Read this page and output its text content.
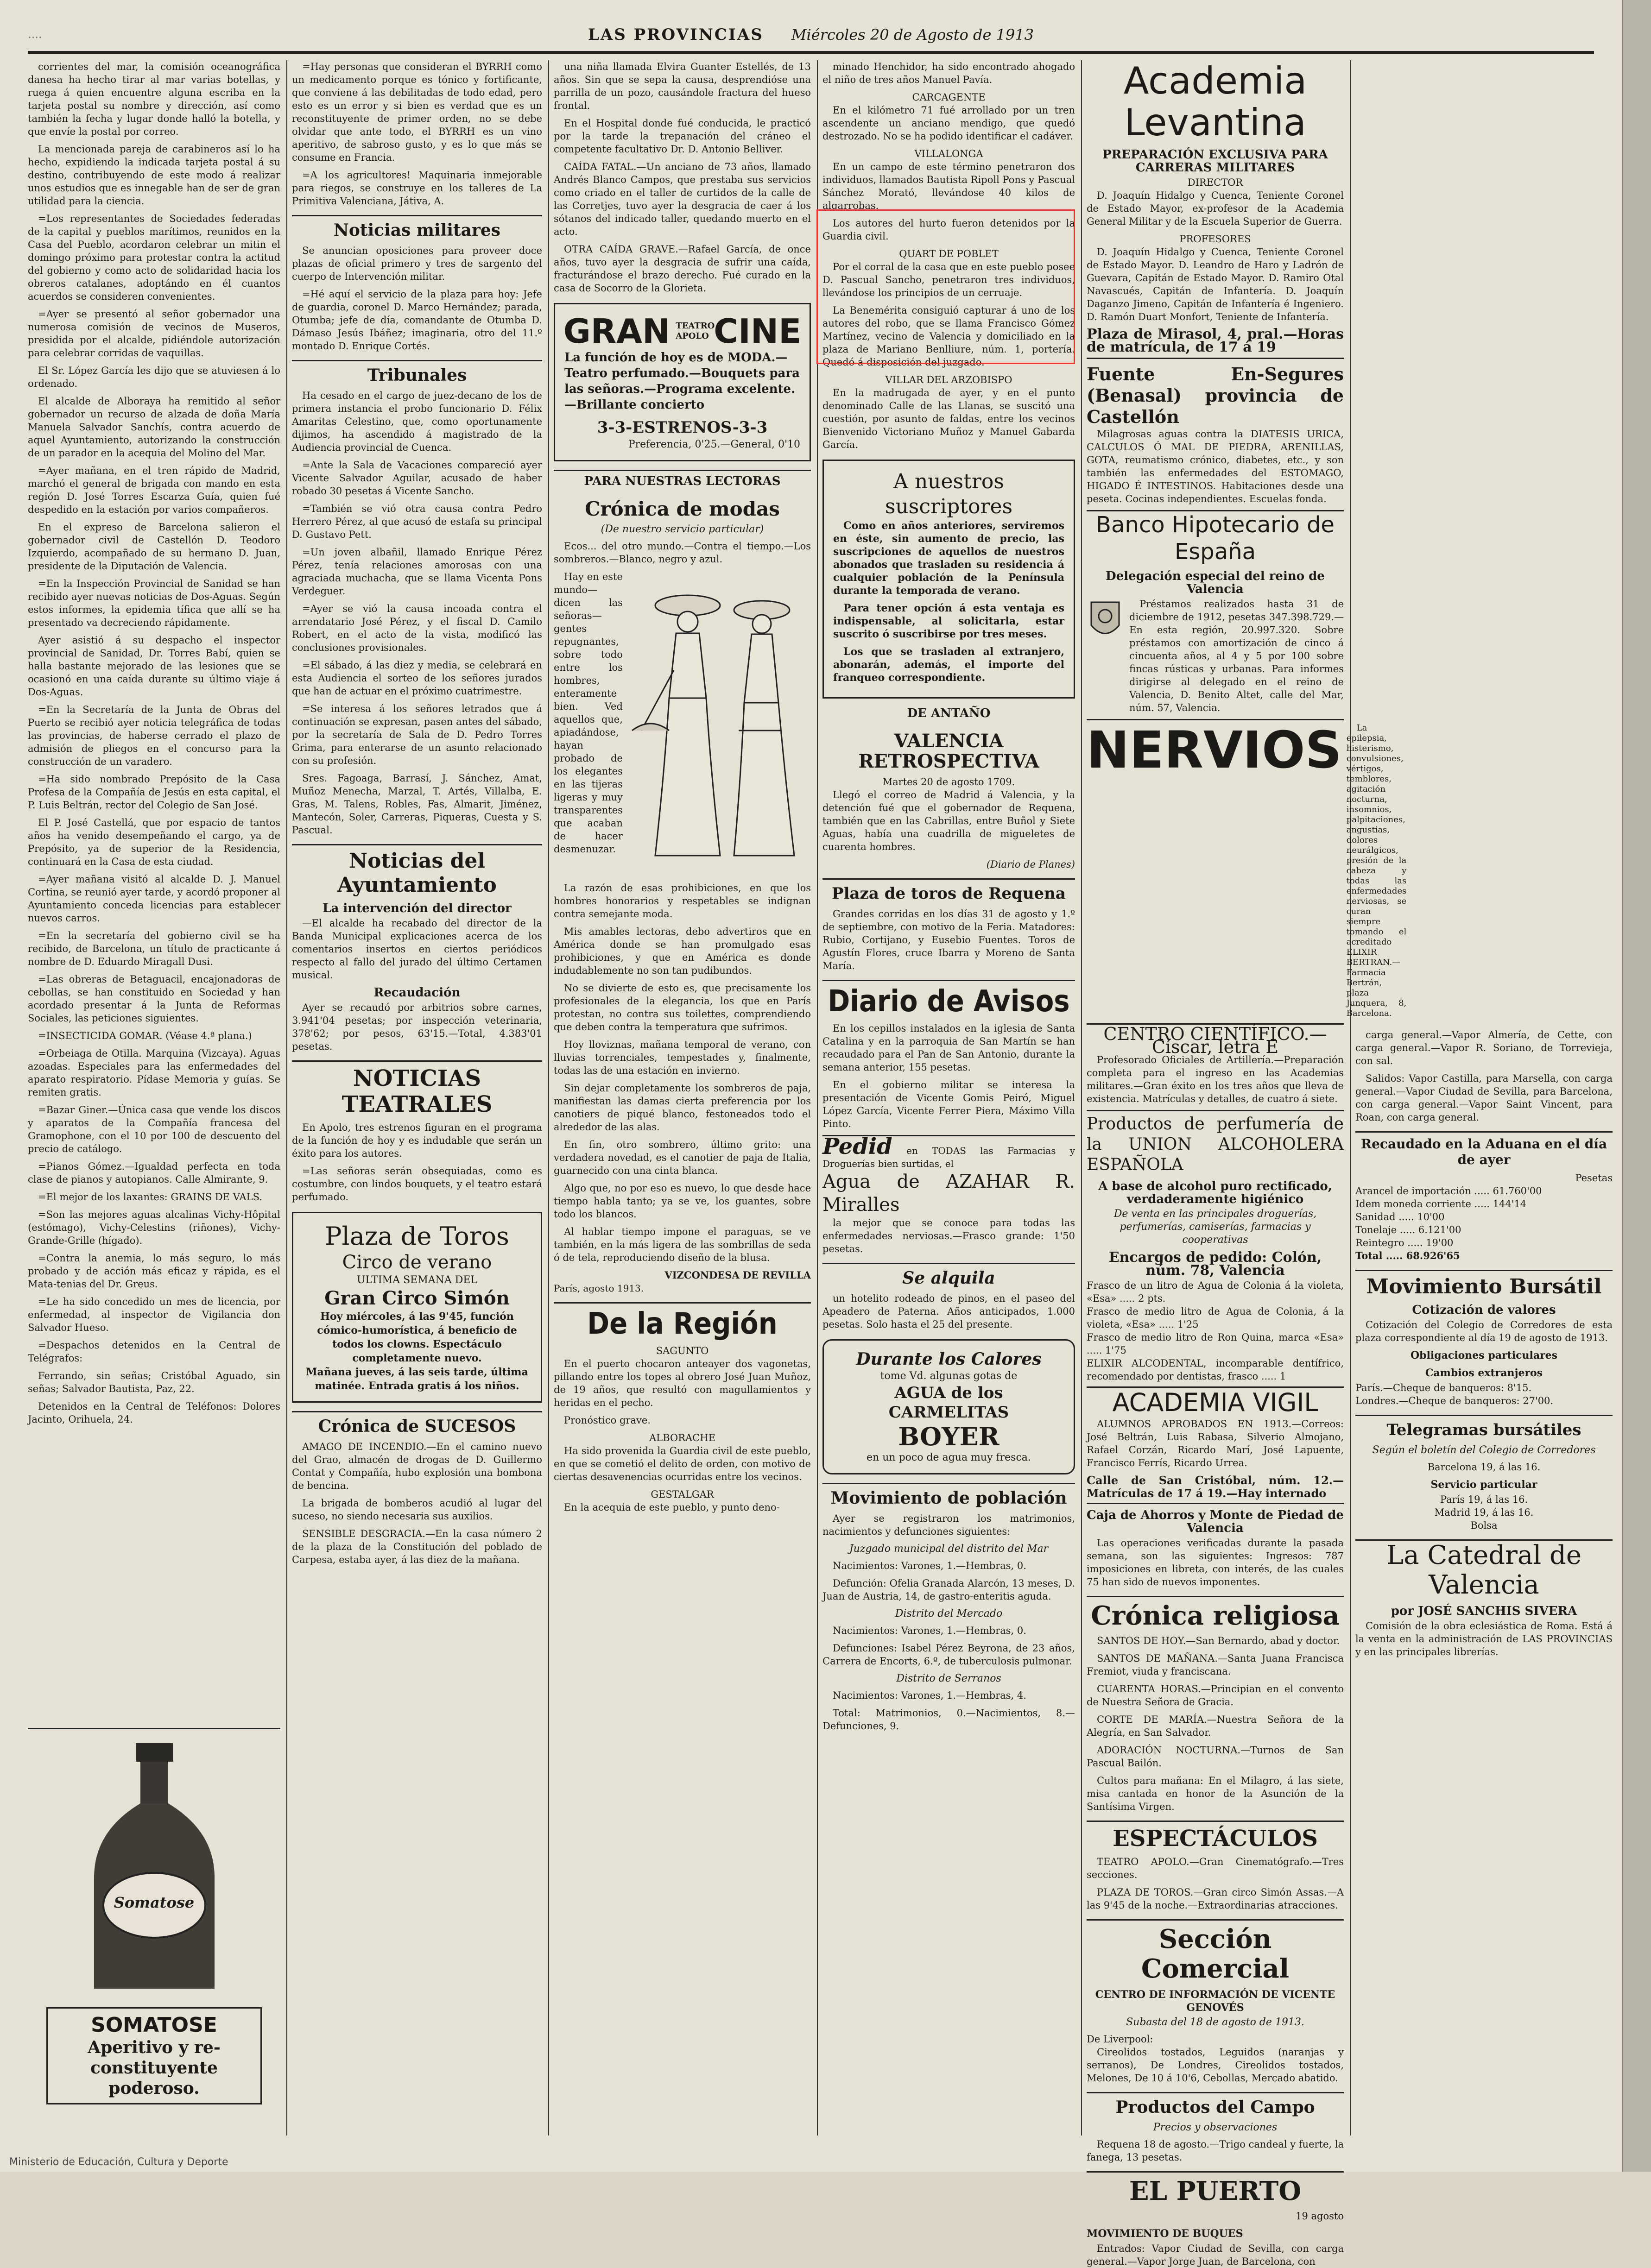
....	LAS PROVINCIAS Miércoles 20 de Agosto de 1913

corrientes del mar, la comisión oceanográfica danesa ha hecho tirar al mar varias botellas, y ruega á quien encuentre alguna escriba en la tarjeta postal su nombre y dirección, así como también la fecha y lugar donde halló la botella, y que envíe la postal por correo.

La mencionada pareja de carabineros así lo ha hecho, expidiendo la indicada tarjeta postal á su destino, contribuyendo de este modo á realizar unos estudios que es innegable han de ser de gran utilidad para la ciencia.

=Los representantes de Sociedades federadas de la capital y pueblos marítimos, reunidos en la Casa del Pueblo, acordaron celebrar un mitin el domingo próximo para protestar contra la actitud del gobierno y como acto de solidaridad hacia los obreros catalanes, adoptándo en él cuantos acuerdos se consideren convenientes.

=Ayer se presentó al señor gobernador una numerosa comisión de vecinos de Museros, presidida por el alcalde, pidiéndole autorización para celebrar corridas de vaquillas.

El Sr. López García les dijo que se atuviesen á lo ordenado.

El alcalde de Alboraya ha remitido al señor gobernador un recurso de alzada de doña María Manuela Salvador Sanchís, contra acuerdo de aquel Ayuntamiento, autorizando la construcción de un parador en la acequia del Molino del Mar.

=Ayer mañana, en el tren rápido de Madrid, marchó el general de brigada con mando en esta región D. José Torres Escarza Guía, quien fué despedido en la estación por varios compañeros.

En el expreso de Barcelona salieron el gobernador civil de Castellón D. Teodoro Izquierdo, acompañado de su hermano D. Juan, presidente de la Diputación de Valencia.

=En la Inspección Provincial de Sanidad se han recibido ayer nuevas noticias de Dos-Aguas. Según estos informes, la epidemia tífica que allí se ha presentado va decreciendo rápidamente.

Ayer asistió á su despacho el inspector provincial de Sanidad, Dr. Torres Babí, quien se halla bastante mejorado de las lesiones que se ocasionó en una caída durante su último viaje á Dos-Aguas.

=En la Secretaría de la Junta de Obras del Puerto se recibió ayer noticia telegráfica de todas las provincias, de haberse cerrado el plazo de admisión de pliegos en el concurso para la construcción de un varadero.

=Ha sido nombrado Prepósito de la Casa Profesa de la Compañía de Jesús en esta capital, el P. Luis Beltrán, rector del Colegio de San José.

El P. José Castellá, que por espacio de tantos años ha venido desempeñando el cargo, ya de Prepósito, ya de superior de la Residencia, continuará en la Casa de esta ciudad.

=Ayer mañana visitó al alcalde D. J. Manuel Cortina, se reunió ayer tarde, y acordó proponer al Ayuntamiento conceda licencias para establecer nuevos carros.

=En la secretaría del gobierno civil se ha recibido, de Barcelona, un título de practicante á nombre de D. Eduardo Miragall Dusi.

=Las obreras de Betaguacil, encajonadoras de cebollas, se han constituido en Sociedad y han acordado presentar á la Junta de Reformas Sociales, las peticiones siguientes.

=INSECTICIDA GOMAR. (Véase 4.ª plana.)

=Orbeiaga de Otilla. Marquina (Vizcaya). Aguas azoadas. Especiales para las enfermedades del aparato respiratorio. Pídase Memoria y guías. Se remiten gratis.

=Bazar Giner.—Única casa que vende los discos y aparatos de la Compañía francesa del Gramophone, con el 10 por 100 de descuento del precio de catálogo.

=Pianos Gómez.—Igualdad perfecta en toda clase de pianos y autopianos. Calle Almirante, 9.

=El mejor de los laxantes: GRAINS DE VALS.

=Son las mejores aguas alcalinas Vichy-Hôpital (estómago), Vichy-Celestins (riñones), Vichy-Grande-Grille (hígado).

=Contra la anemia, lo más seguro, lo más probado y de acción más eficaz y rápida, es el Mata-tenias del Dr. Greus.

=Le ha sido concedido un mes de licencia, por enfermedad, al inspector de Vigilancia don Salvador Hueso.

=Despachos detenidos en la Central de Telégrafos:

Ferrando, sin señas; Cristóbal Aguado, sin señas; Salvador Bautista, Paz, 22.

Detenidos en la Central de Teléfonos: Dolores Jacinto, Orihuela, 24.

Somatose
SOMATOSE
Aperitivo y re-
constituyente
poderoso.

=Hay personas que consideran el BYRRH como un medicamento porque es tónico y fortificante, que conviene á las debilitadas de todo edad, pero esto es un error y si bien es verdad que es un reconstituyente de primer orden, no se debe olvidar que ante todo, el BYRRH es un vino aperitivo, de sabroso gusto, y es lo que más se consume en Francia.

=A los agricultores! Maquinaria inmejorable para riegos, se construye en los talleres de La Primitiva Valenciana, Játiva, A.

Noticias militares

Se anuncian oposiciones para proveer doce plazas de oficial primero y tres de sargento del cuerpo de Intervención militar.

=Hé aquí el servicio de la plaza para hoy: Jefe de guardia, coronel D. Marco Hernández; parada, Otumba; jefe de día, comandante de Otumba D. Dámaso Jesús Ibáñez; imaginaria, otro del 11.º montado D. Enrique Cortés.

Tribunales

Ha cesado en el cargo de juez-decano de los de primera instancia el probo funcionario D. Félix Amaritas Celestino, que, como oportunamente dijimos, ha ascendido á magistrado de la Audiencia provincial de Cuenca.

=Ante la Sala de Vacaciones compareció ayer Vicente Salvador Aguilar, acusado de haber robado 30 pesetas á Vicente Sancho.

=También se vió otra causa contra Pedro Herrero Pérez, al que acusó de estafa su principal D. Gustavo Pett.

=Un joven albañil, llamado Enrique Pérez Pérez, tenía relaciones amorosas con una agraciada muchacha, que se llama Vicenta Pons Verdeguer.

=Ayer se vió la causa incoada contra el arrendatario José Pérez, y el fiscal D. Camilo Robert, en el acto de la vista, modificó las conclusiones provisionales.

=El sábado, á las diez y media, se celebrará en esta Audiencia el sorteo de los señores jurados que han de actuar en el próximo cuatrimestre.

=Se interesa á los señores letrados que á continuación se expresan, pasen antes del sábado, por la secretaría de Sala de D. Pedro Torres Grima, para enterarse de un asunto relacionado con su profesión.

Sres. Fagoaga, Barrasí, J. Sánchez, Amat, Muñoz Menecha, Marzal, T. Artés, Villalba, E. Gras, M. Talens, Robles, Fas, Almarit, Jiménez, Mantecón, Soler, Carreras, Piqueras, Cuesta y S. Pascual.

Noticias del Ayuntamiento
La intervención del director

—El alcalde ha recabado del director de la Banda Municipal explicaciones acerca de los comentarios insertos en ciertos periódicos respecto al fallo del jurado del último Certamen musical.

Recaudación

Ayer se recaudó por arbitrios sobre carnes, 3.941'04 pesetas; por inspección veterinaria, 378'62; por pesos, 63'15.—Total, 4.383'01 pesetas.

NOTICIAS TEATRALES

En Apolo, tres estrenos figuran en el programa de la función de hoy y es indudable que serán un éxito para los autores.

=Las señoras serán obsequiadas, como es costumbre, con lindos bouquets, y el teatro estará perfumado.

Plaza de Toros
Circo de verano
ULTIMA SEMANA DEL
Gran Circo Simón
Hoy miércoles, á las 9'45, función cómico-humorística, á beneficio de todos los clowns. Espectáculo completamente nuevo.
Mañana jueves, á las seis tarde, última matinée. Entrada gratis á los niños.
Crónica de SUCESOS

AMAGO DE INCENDIO.—En el camino nuevo del Grao, almacén de drogas de D. Guillermo Contat y Compañía, hubo explosión una bombona de bencina.

La brigada de bomberos acudió al lugar del suceso, no siendo necesaria sus auxilios.

SENSIBLE DESGRACIA.—En la casa número 2 de la plaza de la Constitución del poblado de Carpesa, estaba ayer, á las diez de la mañana.

una niña llamada Elvira Guanter Estellés, de 13 años. Sin que se sepa la causa, desprendióse una parrilla de un pozo, causándole fractura del hueso frontal.

En el Hospital donde fué conducida, le practicó por la tarde la trepanación del cráneo el competente facultativo Dr. D. Antonio Belliver.

CAÍDA FATAL.—Un anciano de 73 años, llamado Andrés Blanco Campos, que prestaba sus servicios como criado en el taller de curtidos de la calle de las Corretjes, tuvo ayer la desgracia de caer á los sótanos del indicado taller, quedando muerto en el acto.

OTRA CAÍDA GRAVE.—Rafael García, de once años, tuvo ayer la desgracia de sufrir una caída, fracturándose el brazo derecho. Fué curado en la casa de Socorro de la Glorieta.

GRAN TEATRO APOLO CINE
La función de hoy es de MODA.—Teatro perfumado.—Bouquets para las señoras.—Programa excelente.—Brillante concierto
3-3-ESTRENOS-3-3
Preferencia, 0'25.—General, 0'10
PARA NUESTRAS LECTORAS
Crónica de modas
(De nuestro servicio particular)

Ecos... del otro mundo.—Contra el tiempo.—Los sombreros.—Blanco, negro y azul.

Hay en este mundo—dicen las señoras—gentes repugnantes, sobre todo entre los hombres, enteramente bien. Ved aquellos que, apiadándose, hayan probado de los elegantes en las tijeras ligeras y muy transparentes que acaban de hacer desmenuzar.

La razón de esas prohibiciones, en que los hombres honorarios y respetables se indignan contra semejante moda.

Mis amables lectoras, debo advertiros que en América donde se han promulgado esas prohibiciones, y que en América es donde indudablemente no son tan pudibundos.

No se divierte de esto es, que precisamente los profesionales de la elegancia, los que en París protestan, no contra sus toilettes, comprendiendo que deben contra la temperatura que sufrimos.

Hoy lloviznas, mañana temporal de verano, con lluvias torrenciales, tempestades y, finalmente, todas las de una estación en invierno.

Sin dejar completamente los sombreros de paja, manifiestan las damas cierta preferencia por los canotiers de piqué blanco, festoneados todo el alrededor de las alas.

En fin, otro sombrero, último grito: una verdadera novedad, es el canotier de paja de Italia, guarnecido con una cinta blanca.

Algo que, no por eso es nuevo, lo que desde hace tiempo habla tanto; ya se ve, los guantes, sobre todo los blancos.

Al hablar tiempo impone el paraguas, se ve también, en la más ligera de las sombrillas de seda ó de tela, reproduciendo diseño de la blusa.

VIZCONDESA DE REVILLA
París, agosto 1913.
De la Región
SAGUNTO

En el puerto chocaron anteayer dos vagonetas, pillando entre los topes al obrero José Juan Muñoz, de 19 años, que resultó con magullamientos y heridas en el pecho.

Pronóstico grave.

ALBORACHE

Ha sido provenida la Guardia civil de este pueblo, en que se cometió el delito de orden, con motivo de ciertas desavenencias ocurridas entre los vecinos.

GESTALGAR

En la acequia de este pueblo, y punto deno-

minado Henchidor, ha sido encontrado ahogado el niño de tres años Manuel Pavía.

CARCAGENTE

En el kilómetro 71 fué arrollado por un tren ascendente un anciano mendigo, que quedó destrozado. No se ha podido identificar el cadáver.

VILLALONGA

En un campo de este término penetraron dos individuos, llamados Bautista Ripoll Pons y Pascual Sánchez Morató, llevándose 40 kilos de algarrobas.

Los autores del hurto fueron detenidos por la Guardia civil.

QUART DE POBLET

Por el corral de la casa que en este pueblo posee D. Pascual Sancho, penetraron tres individuos, llevándose los principios de un cerruaje.

La Benemérita consiguió capturar á uno de los autores del robo, que se llama Francisco Gómez Martínez, vecino de Valencia y domiciliado en la plaza de Mariano Benlliure, núm. 1, portería. Quedó á disposición del juzgado.

VILLAR DEL ARZOBISPO

En la madrugada de ayer, y en el punto denominado Calle de las Llanas, se suscitó una cuestión, por asunto de faldas, entre los vecinos Bienvenido Victoriano Muñoz y Manuel Gabarda García.

A nuestros suscriptores

Como en años anteriores, serviremos en éste, sin aumento de precio, las suscripciones de aquellos de nuestros abonados que trasladen su residencia á cualquier población de la Península durante la temporada de verano.

Para tener opción á esta ventaja es indispensable, al solicitarla, estar suscrito ó suscribirse por tres meses.

Los que se trasladen al extranjero, abonarán, además, el importe del franqueo correspondiente.

DE ANTAÑO
VALENCIA RETROSPECTIVA
Martes 20 de agosto 1709.

Llegó el correo de Madrid á Valencia, y la detención fué que el gobernador de Requena, también que en las Cabrillas, entre Buñol y Siete Aguas, había una cuadrilla de migueletes de cuarenta hombres.

(Diario de Planes)
Plaza de toros de Requena

Grandes corridas en los días 31 de agosto y 1.º de septiembre, con motivo de la Feria. Matadores: Rubio, Cortijano, y Eusebio Fuentes. Toros de Agustín Flores, cruce Ibarra y Moreno de Santa María.

Diario de Avisos

En los cepillos instalados en la iglesia de Santa Catalina y en la parroquia de San Martín se han recaudado para el Pan de San Antonio, durante la semana anterior, 155 pesetas.

En el gobierno militar se interesa la presentación de Vicente Gomis Peiró, Miguel López García, Vicente Ferrer Piera, Máximo Villa Pinto.

Pedid en TODAS las Farmacias y Droguerías bien surtidas, el
Agua de AZAHAR R. Miralles

la mejor que se conoce para todas las enfermedades nerviosas.—Frasco grande: 1'50 pesetas.

Se alquila

un hotelito rodeado de pinos, en el paseo del Apeadero de Paterna. Años anticipados, 1.000 pesetas. Solo hasta el 25 del presente.

Durante los Calores
tome Vd. algunas gotas de
AGUA de los CARMELITAS
BOYER
en un poco de agua muy fresca.
Movimiento de población

Ayer se registraron los matrimonios, nacimientos y defunciones siguientes:

Juzgado municipal del distrito del Mar

Nacimientos: Varones, 1.—Hembras, 0.

Defunción: Ofelia Granada Alarcón, 13 meses, D. Juan de Austria, 14, de gastro-enteritis aguda.

Distrito del Mercado

Nacimientos: Varones, 1.—Hembras, 0.

Defunciones: Isabel Pérez Beyrona, de 23 años, Carrera de Encorts, 6.º, de tuberculosis pulmonar.

Distrito de Serranos

Nacimientos: Varones, 1.—Hembras, 4.

Total: Matrimonios, 0.—Nacimientos, 8.—Defunciones, 9.

Academia Levantina
PREPARACIÓN EXCLUSIVA PARA CARRERAS MILITARES
DIRECTOR

D. Joaquín Hidalgo y Cuenca, Teniente Coronel de Estado Mayor, ex-profesor de la Academia General Militar y de la Escuela Superior de Guerra.

PROFESORES

D. Joaquín Hidalgo y Cuenca, Teniente Coronel de Estado Mayor. D. Leandro de Haro y Ladrón de Guevara, Capitán de Estado Mayor. D. Ramiro Otal Navascués, Capitán de Infantería. D. Joaquín Daganzo Jimeno, Capitán de Infantería é Ingeniero. D. Ramón Duart Monfort, Teniente de Infantería.

Plaza de Mirasol, 4, pral.—Horas de matrícula, de 17 á 19
Fuente En-Segures (Benasal) provincia de Castellón

Milagrosas aguas contra la DIATESIS URICA, CALCULOS Ó MAL DE PIEDRA, ARENILLAS, GOTA, reumatismo crónico, diabetes, etc., y son también las enfermedades del ESTOMAGO, HIGADO É INTESTINOS. Habitaciones desde una peseta. Cocinas independientes. Escuelas fonda.

Banco Hipotecario de España
Delegación especial del reino de Valencia

Préstamos realizados hasta 31 de diciembre de 1912, pesetas 347.398.729.—En esta región, 20.997.320. Sobre préstamos con amortización de cinco á cincuenta años, al 4 y 5 por 100 sobre fincas rústicas y urbanas. Para informes dirigirse al delegado en el reino de Valencia, D. Benito Altet, calle del Mar, núm. 57, Valencia.

NERVIOS	La epilepsia, histerismo, convulsiones, vértigos, temblores, agitación nocturna, insomnios, palpitaciones, angustias, dolores neurálgicos, presión de la cabeza y todas las enfermedades nerviosas, se curan siempre tomando el acreditado ELIXIR BERTRAN.—Farmacia Bertrán, plaza Junquera, 8, Barcelona.

CENTRO CIENTÍFICO.—Císcar, letra E

Profesorado Oficiales de Artillería.—Preparación completa para el ingreso en las Academias militares.—Gran éxito en los tres años que lleva de existencia. Matrículas y detalles, de cuatro á siete.

Productos de perfumería de la UNION ALCOHOLERA ESPAÑOLA
A base de alcohol puro rectificado, verdaderamente higiénico
De venta en las principales droguerías, perfumerías, camiserías, farmacias y cooperativas
Encargos de pedido: Colón, núm. 78, Valencia
Frasco de un litro de Agua de Colonia á la violeta, «Esa» ..... 2 pts.
Frasco de medio litro de Agua de Colonia, á la violeta, «Esa» ..... 1'25
Frasco de medio litro de Ron Quina, marca «Esa» ..... 1'75
ELIXIR ALCODENTAL, incomparable dentífrico, recomendado por dentistas, frasco ..... 1
ACADEMIA VIGIL

ALUMNOS APROBADOS EN 1913.—Correos: José Beltrán, Luis Rabasa, Silverio Almojano, Rafael Corzán, Ricardo Marí, José Lapuente, Francisco Ferrís, Ricardo Urrea.

Calle de San Cristóbal, núm. 12.—Matrículas de 17 á 19.—Hay internado
Caja de Ahorros y Monte de Piedad de Valencia

Las operaciones verificadas durante la pasada semana, son las siguientes: Ingresos: 787 imposiciones en libreta, con interés, de las cuales 75 han sido de nuevos imponentes.

Crónica religiosa

SANTOS DE HOY.—San Bernardo, abad y doctor.

SANTOS DE MAÑANA.—Santa Juana Francisca Fremiot, viuda y franciscana.

CUARENTA HORAS.—Principian en el convento de Nuestra Señora de Gracia.

CORTE DE MARÍA.—Nuestra Señora de la Alegría, en San Salvador.

ADORACIÓN NOCTURNA.—Turnos de San Pascual Bailón.

Cultos para mañana: En el Milagro, á las siete, misa cantada en honor de la Asunción de la Santísima Virgen.

ESPECTÁCULOS

TEATRO APOLO.—Gran Cinematógrafo.—Tres secciones.

PLAZA DE TOROS.—Gran circo Simón Assas.—A las 9'45 de la noche.—Extraordinarias atracciones.

Sección Comercial
CENTRO DE INFORMACIÓN DE VICENTE GENOVÉS
Subasta del 18 de agosto de 1913.
De Liverpool:

Cireolidos tostados, Leguidos (naranjas y serranos), De Londres, Cireolidos tostados, Melones, De 10 á 10'6, Cebollas, Mercado abatido.

Productos del Campo
Precios y observaciones

Requena 18 de agosto.—Trigo candeal y fuerte, la fanega, 13 pesetas.

EL PUERTO
19 agosto
MOVIMIENTO DE BUQUES

Entrados: Vapor Ciudad de Sevilla, con carga general.—Vapor Jorge Juan, de Barcelona, con

carga general.—Vapor Almería, de Cette, con carga general.—Vapor R. Soriano, de Torrevieja, con sal.

Salidos: Vapor Castilla, para Marsella, con carga general.—Vapor Ciudad de Sevilla, para Barcelona, con carga general.—Vapor Saint Vincent, para Roan, con carga general.

Recaudado en la Aduana en el día de ayer
Pesetas
Arancel de importación ..... 61.760'00
Idem moneda corriente ..... 144'14
Sanidad ..... 10'00
Tonelaje ..... 6.121'00
Reintegro ..... 19'00
Total ..... 68.926'65
Movimiento Bursátil
Cotización de valores

Cotización del Colegio de Corredores de esta plaza correspondiente al día 19 de agosto de 1913.

Obligaciones particulares
Cambios extranjeros
París.—Cheque de banqueros: 8'15.
Londres.—Cheque de banqueros: 27'00.
Telegramas bursátiles
Según el boletín del Colegio de Corredores
Barcelona 19, á las 16.
Servicio particular
París 19, á las 16.
Madrid 19, á las 16.
Bolsa
La Catedral de Valencia
por JOSÉ SANCHIS SIVERA

Comisión de la obra eclesiástica de Roma. Está á la venta en la administración de LAS PROVINCIAS y en las principales librerías.

Ministerio de Educación, Cultura y Deporte
